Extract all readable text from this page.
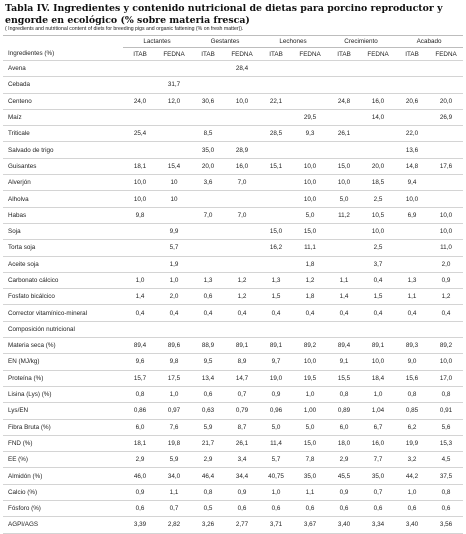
Tabla IV. Ingredientes y contenido nutricional de dietas para porcino reproductor y engorde en ecológico (% sobre materia fresca)
( Ingredients and nutritional content of diets for breeding pigs and organic fattening (% on fresh matter)).
	Lactantes		Gestantes		Lechones		Crecimiento		Acabado	
Ingredientes (%)	ITAB	FEDNA	ITAB	FEDNA	ITAB	FEDNA	ITAB	FEDNA	ITAB	FEDNA
Avena				28,4						
Cebada		31,7								
Centeno	24,0	12,0	30,6	10,0	22,1		24,8	16,0	20,6	20,0
Maíz						29,5		14,0		26,9
Triticale	25,4		8,5		28,5	9,3	26,1		22,0	
Salvado de trigo			35,0	28,9					13,6	
Guisantes	18,1	15,4	20,0	16,0	15,1	10,0	15,0	20,0	14,8	17,6
Alverjón	10,0	10	3,6	7,0		10,0	10,0	18,5	9,4	
Alholva	10,0	10				10,0	5,0	2,5	10,0	
Habas	9,8		7,0	7,0		5,0	11,2	10,5	6,9	10,0
Soja		9,9			15,0	15,0		10,0		10,0
Torta soja		5,7			16,2	11,1		2,5		11,0
Aceite soja		1,9				1,8		3,7		2,0
Carbonato cálcico	1,0	1,0	1,3	1,2	1,3	1,2	1,1	0,4	1,3	0,9
Fosfato bicálcico	1,4	2,0	0,6	1,2	1,5	1,8	1,4	1,5	1,1	1,2
Corrector vitamínico-mineral	0,4	0,4	0,4	0,4	0,4	0,4	0,4	0,4	0,4	0,4
Composición nutricional										
Materia seca (%)	89,4	89,6	88,9	89,1	89,1	89,2	89,4	89,1	89,3	89,2
EN (MJ/kg)	9,6	9,8	9,5	8,9	9,7	10,0	9,1	10,0	9,0	10,0
Proteína (%)	15,7	17,5	13,4	14,7	19,0	19,5	15,5	18,4	15,6	17,0
Lisina (Lys) (%)	0,8	1,0	0,6	0,7	0,9	1,0	0,8	1,0	0,8	0,8
Lys/EN	0,86	0,97	0,63	0,79	0,96	1,00	0,89	1,04	0,85	0,91
Fibra Bruta (%)	6,0	7,6	5,9	8,7	5,0	5,0	6,0	6,7	6,2	5,6
FND (%)	18,1	19,8	21,7	26,1	11,4	15,0	18,0	16,0	19,9	15,3
EE (%)	2,9	5,9	2,9	3,4	5,7	7,8	2,9	7,7	3,2	4,5
Almidón (%)	46,0	34,0	46,4	34,4	40,75	35,0	45,5	35,0	44,2	37,5
Calcio (%)	0,9	1,1	0,8	0,9	1,0	1,1	0,9	0,7	1,0	0,8
Fósforo (%)	0,6	0,7	0,5	0,6	0,6	0,6	0,6	0,6	0,6	0,6
AGPI/AGS	3,39	2,82	3,26	2,77	3,71	3,67	3,40	3,34	3,40	3,56
